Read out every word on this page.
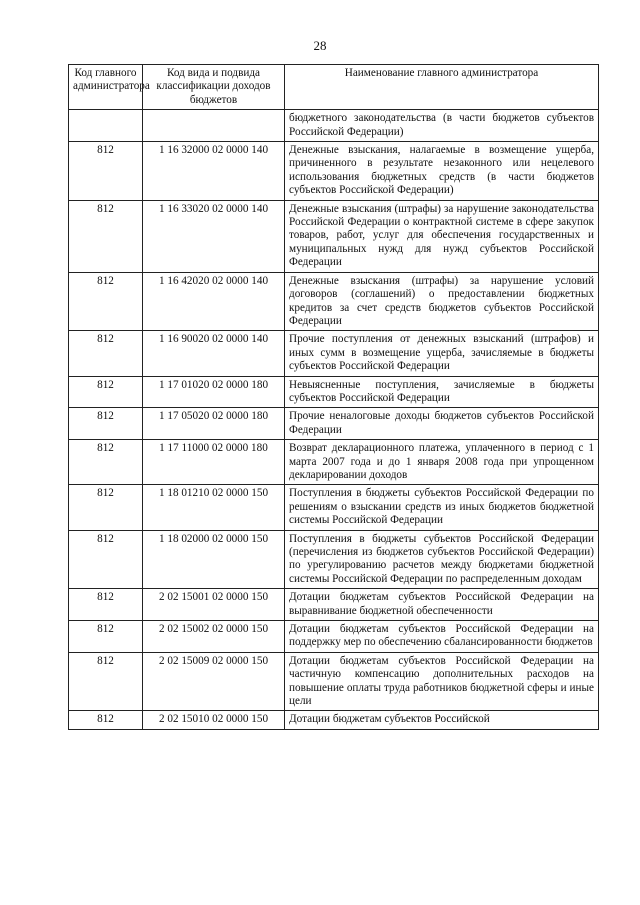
28
Код главного администратора	Код вида и подвида классификации доходов бюджетов	Наименование главного администратора
		бюджетного законодательства (в части бюджетов субъектов Российской Федерации)
812	1 16 32000 02 0000 140	Денежные взыскания, налагаемые в возмещение ущерба, причиненного в результате незаконного или нецелевого использования бюджетных средств (в части бюджетов субъектов Российской Федерации)
812	1 16 33020 02 0000 140	Денежные взыскания (штрафы) за нарушение законодательства Российской Федерации о контрактной системе в сфере закупок товаров, работ, услуг для обеспечения государственных и муниципальных нужд для нужд субъектов Российской Федерации
812	1 16 42020 02 0000 140	Денежные взыскания (штрафы) за нарушение условий договоров (соглашений) о предоставлении бюджетных кредитов за счет средств бюджетов субъектов Российской Федерации
812	1 16 90020 02 0000 140	Прочие поступления от денежных взысканий (штрафов) и иных сумм в возмещение ущерба, зачисляемые в бюджеты субъектов Российской Федерации
812	1 17 01020 02 0000 180	Невыясненные поступления, зачисляемые в бюджеты субъектов Российской Федерации
812	1 17 05020 02 0000 180	Прочие неналоговые доходы бюджетов субъектов Российской Федерации
812	1 17 11000 02 0000 180	Возврат декларационного платежа, уплаченного в период с 1 марта 2007 года и до 1 января 2008 года при упрощенном декларировании доходов
812	1 18 01210 02 0000 150	Поступления в бюджеты субъектов Российской Федерации по решениям о взыскании средств из иных бюджетов бюджетной системы Российской Федерации
812	1 18 02000 02 0000 150	Поступления в бюджеты субъектов Российской Федерации (перечисления из бюджетов субъектов Российской Федерации) по урегулированию расчетов между бюджетами бюджетной системы Российской Федерации по распределенным доходам
812	2 02 15001 02 0000 150	Дотации бюджетам субъектов Российской Федерации на выравнивание бюджетной обеспеченности
812	2 02 15002 02 0000 150	Дотации бюджетам субъектов Российской Федерации на поддержку мер по обеспечению сбалансированности бюджетов
812	2 02 15009 02 0000 150	Дотации бюджетам субъектов Российской Федерации на частичную компенсацию дополнительных расходов на повышение оплаты труда работников бюджетной сферы и иные цели
812	2 02 15010 02 0000 150	Дотации бюджетам субъектов Российской
